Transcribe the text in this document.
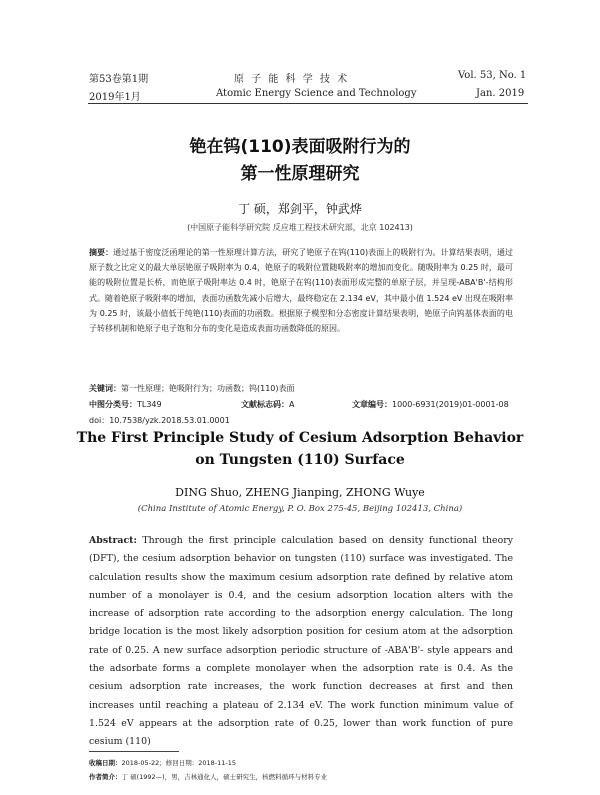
第53卷第1期	原 子 能 科 学 技 术	Vol. 53, No. 1
2019年1月	Atomic Energy Science and Technology	Jan. 2019
铯在钨(110)表面吸附行为的
第一性原理研究
丁 硕，郑剑平，钟武烨
(中国原子能科学研究院 反应堆工程技术研究部，北京 102413)
摘要：通过基于密度泛函理论的第一性原理计算方法，研究了铯原子在钨(110)表面上的吸附行为。计算结果表明，通过原子数之比定义的最大单层铯原子吸附率为 0.4，铯原子的吸附位置随吸附率的增加而变化。随吸附率为 0.25 时，最可能的吸附位置是长桥，而铯原子吸附率达 0.4 时，铯原子在钨(110)表面形成完整的单原子层，并呈现-ABA'B'-结构形式。随着铯原子吸附率的增加，表面功函数先减小后增大，最终稳定在 2.134 eV，其中最小值 1.524 eV 出现在吸附率为 0.25 时，该最小值低于纯铯(110)表面的功函数。根据原子模型和分态密度计算结果表明，铯原子向钨基体表面的电子转移机制和铯原子电子饱和分布的变化是造成表面功函数降低的原因。
关键词：第一性原理；铯吸附行为；功函数；钨(110)表面
中图分类号：TL349	文献标志码：A	文章编号：1000-6931(2019)01-0001-08
doi：10.7538/yzk.2018.53.01.0001
The First Principle Study of Cesium Adsorption Behavior
on Tungsten (110) Surface
DING Shuo, ZHENG Jianping, ZHONG Wuye
(China Institute of Atomic Energy, P. O. Box 275-45, Beijing 102413, China)
Abstract: Through the first principle calculation based on density functional theory (DFT), the cesium adsorption behavior on tungsten (110) surface was investigated. The calculation results show the maximum cesium adsorption rate defined by relative atom number of a monolayer is 0.4, and the cesium adsorption location alters with the increase of adsorption rate according to the adsorption energy calculation. The long bridge location is the most likely adsorption position for cesium atom at the adsorption rate of 0.25. A new surface adsorption periodic structure of -ABA'B'- style appears and the adsorbate forms a complete monolayer when the adsorption rate is 0.4. As the cesium adsorption rate increases, the work function decreases at first and then increases until reaching a plateau of 2.134 eV. The work function minimum value of 1.524 eV appears at the adsorption rate of 0.25, lower than work function of pure cesium (110)
收稿日期：2018-05-22；修回日期：2018-11-15
作者简介：丁 硕(1992—)，男，吉林通化人，硕士研究生，核燃料循环与材料专业
